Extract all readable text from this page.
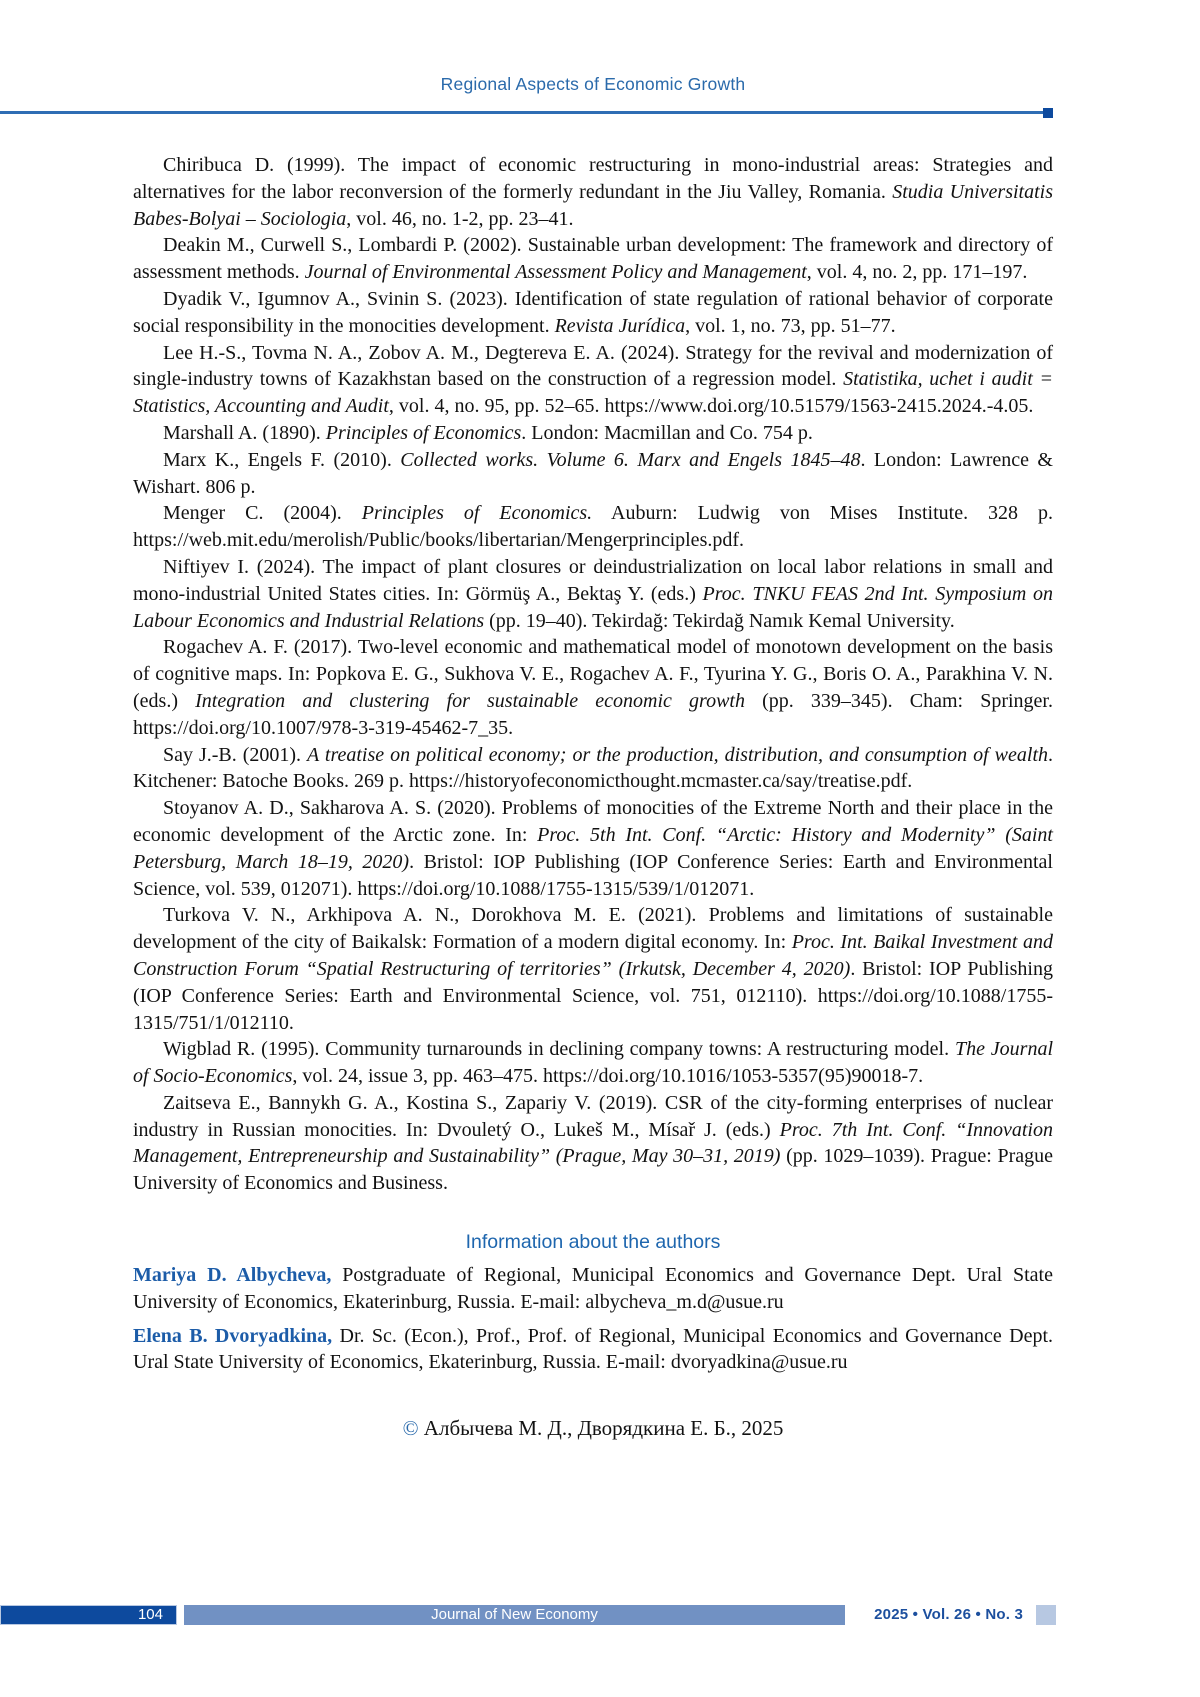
Regional Aspects of Economic Growth

Chiribuca D. (1999). The impact of economic restructuring in mono-industrial areas: Strategies and alternatives for the labor reconversion of the formerly redundant in the Jiu Valley, Romania. Studia Universitatis Babes-Bolyai – Sociologia, vol. 46, no. 1-2, pp. 23–41.

Deakin M., Curwell S., Lombardi P. (2002). Sustainable urban development: The framework and directory of assessment methods. Journal of Environmental Assessment Policy and Management, vol. 4, no. 2, pp. 171–197.

Dyadik V., Igumnov A., Svinin S. (2023). Identification of state regulation of rational behavior of corporate social responsibility in the monocities development. Revista Jurídica, vol. 1, no. 73, pp. 51–77.

Lee H.-S., Tovma N. A., Zobov A. M., Degtereva E. A. (2024). Strategy for the revival and modernization of single-industry towns of Kazakhstan based on the construction of a regression model. Statistika, uchet i audit = Statistics, Accounting and Audit, vol. 4, no. 95, pp. 52–65. https://www.doi.org/10.51579/1563-2415.2024.-4.05.

Marshall A. (1890). Principles of Economics. London: Macmillan and Co. 754 p.

Marx K., Engels F. (2010). Collected works. Volume 6. Marx and Engels 1845–48. London: Lawrence & Wishart. 806 p.

Menger C. (2004). Principles of Economics. Auburn: Ludwig von Mises Institute. 328 p. https://web.mit.edu/merolish/Public/books/libertarian/Mengerprinciples.pdf.

Niftiyev I. (2024). The impact of plant closures or deindustrialization on local labor relations in small and mono-industrial United States cities. In: Görmüş A., Bektaş Y. (eds.) Proc. TNKU FEAS 2nd Int. Symposium on Labour Economics and Industrial Relations (pp. 19–40). Tekirdağ: Tekirdağ Namık Kemal University.

Rogachev A. F. (2017). Two-level economic and mathematical model of monotown development on the basis of cognitive maps. In: Popkova E. G., Sukhova V. E., Rogachev A. F., Tyurina Y. G., Boris O. A., Parakhina V. N. (eds.) Integration and clustering for sustainable economic growth (pp. 339–345). Cham: Springer. https://doi.org/10.1007/978-3-319-45462-7_35.

Say J.-B. (2001). A treatise on political economy; or the production, distribution, and consumption of wealth. Kitchener: Batoche Books. 269 p. https://historyofeconomicthought.mcmaster.ca/say/treatise.pdf.

Stoyanov A. D., Sakharova A. S. (2020). Problems of monocities of the Extreme North and their place in the economic development of the Arctic zone. In: Proc. 5th Int. Conf. “Arctic: History and Modernity” (Saint Petersburg, March 18–19, 2020). Bristol: IOP Publishing (IOP Conference Series: Earth and Environmental Science, vol. 539, 012071). https://doi.org/10.1088/1755-1315/539/1/012071.

Turkova V. N., Arkhipova A. N., Dorokhova M. E. (2021). Problems and limitations of sustainable development of the city of Baikalsk: Formation of a modern digital economy. In: Proc. Int. Baikal Investment and Construction Forum “Spatial Restructuring of territories” (Irkutsk, December 4, 2020). Bristol: IOP Publishing (IOP Conference Series: Earth and Environmental Science, vol. 751, 012110). https://doi.org/10.1088/1755-1315/751/1/012110.

Wigblad R. (1995). Community turnarounds in declining company towns: A restructuring model. The Journal of Socio-Economics, vol. 24, issue 3, pp. 463–475. https://doi.org/10.1016/1053-5357(95)90018-7.

Zaitseva E., Bannykh G. A., Kostina S., Zapariy V. (2019). CSR of the city-forming enterprises of nuclear industry in Russian monocities. In: Dvouletý O., Lukeš M., Mísař J. (eds.) Proc. 7th Int. Conf. “Innovation Management, Entrepreneurship and Sustainability” (Prague, May 30–31, 2019) (pp. 1029–1039). Prague: Prague University of Economics and Business.

Information about the authors

Mariya D. Albycheva, Postgraduate of Regional, Municipal Economics and Governance Dept. Ural State University of Economics, Ekaterinburg, Russia. E-mail: albycheva_m.d@usue.ru

Elena B. Dvoryadkina, Dr. Sc. (Econ.), Prof., Prof. of Regional, Municipal Economics and Governance Dept. Ural State University of Economics, Ekaterinburg, Russia. E-mail: dvoryadkina@usue.ru

© Албычева М. Д., Дворядкина Е. Б., 2025
104	Journal of New Economy	2025 • Vol. 26 • No. 3
